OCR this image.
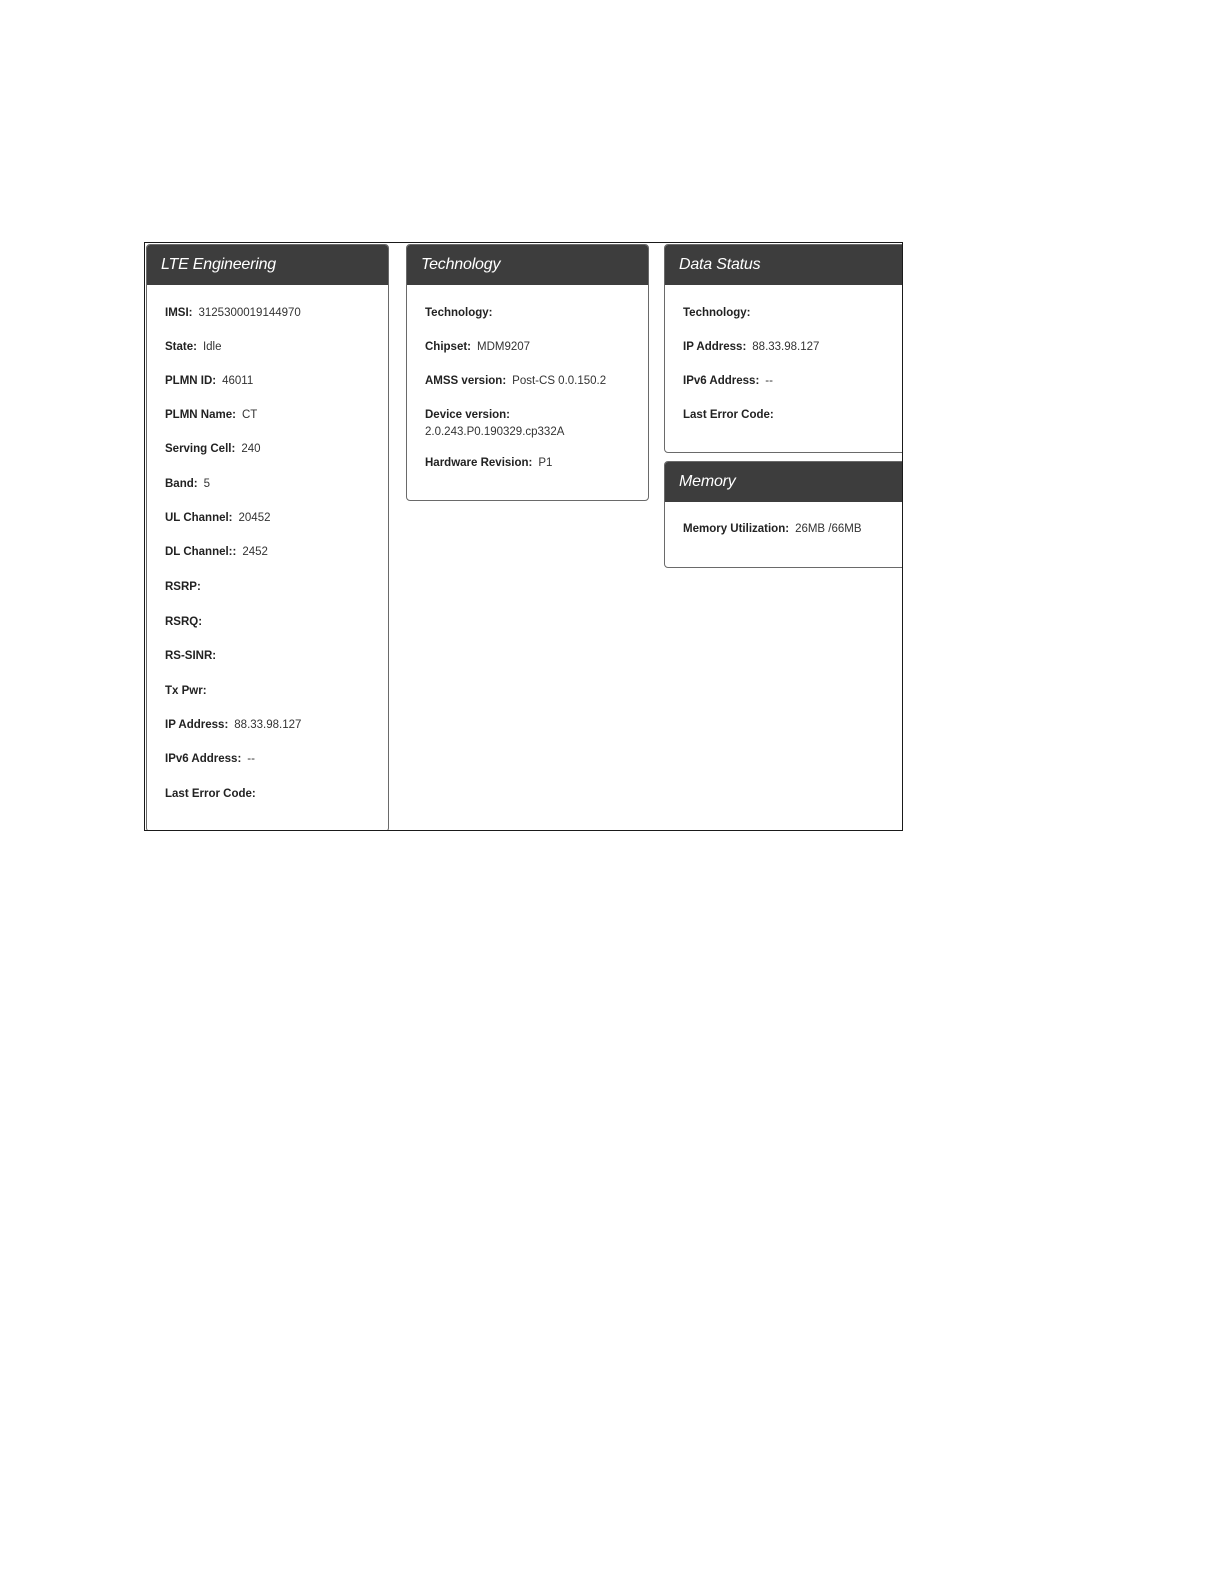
LTE Engineering
IMSI: 3125300019144970
State: Idle
PLMN ID: 46011
PLMN Name: CT
Serving Cell: 240
Band: 5
UL Channel: 20452
DL Channel:: 2452
RSRP:
RSRQ:
RS-SINR:
Tx Pwr:
IP Address: 88.33.98.127
IPv6 Address: --
Last Error Code:
Technology
Technology:
Chipset: MDM9207
AMSS version: Post-CS 0.0.150.2
Device version:
2.0.243.P0.190329.cp332A
Hardware Revision: P1
Data Status
Technology:
IP Address: 88.33.98.127
IPv6 Address: --
Last Error Code:
Memory
Memory Utilization: 26MB /66MB
